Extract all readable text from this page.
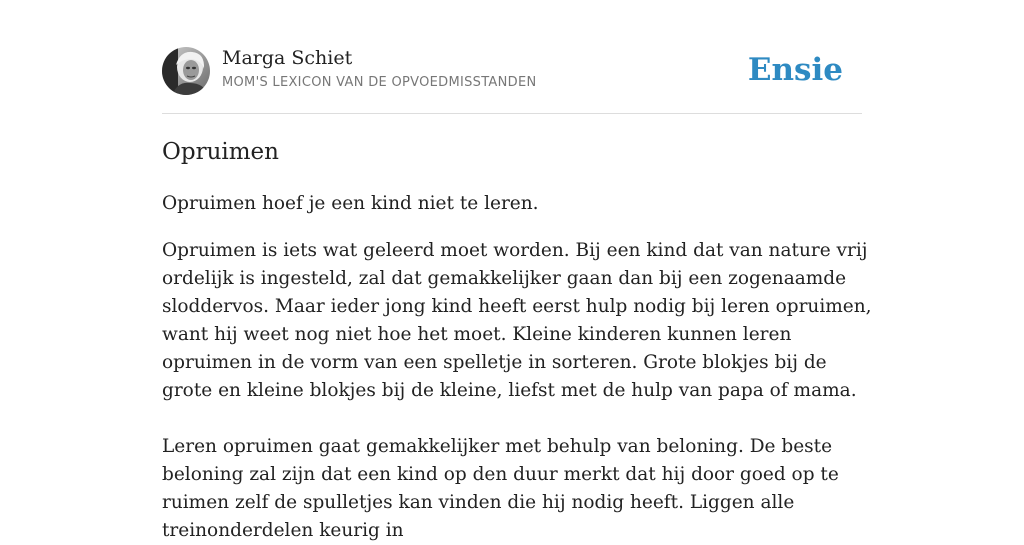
Marga Schiet
MOM'S LEXICON VAN DE OPVOEDMISSTANDEN	Ensie
Opruimen

Opruimen hoef je een kind niet te leren.

Opruimen is iets wat geleerd moet worden. Bij een kind dat van nature vrij ordelijk is ingesteld, zal dat gemakkelijker gaan dan bij een zogenaamde sloddervos. Maar ieder jong kind heeft eerst hulp nodig bij leren opruimen, want hij weet nog niet hoe het moet. Kleine kinderen kunnen leren opruimen in de vorm van een spelletje in sorteren. Grote blokjes bij de grote en kleine blokjes bij de kleine, liefst met de hulp van papa of mama.

Leren opruimen gaat gemakkelijker met behulp van beloning. De beste beloning zal zijn dat een kind op den duur merkt dat hij door goed op te ruimen zelf de spulletjes kan vinden die hij nodig heeft. Liggen alle treinonderdelen keurig in
